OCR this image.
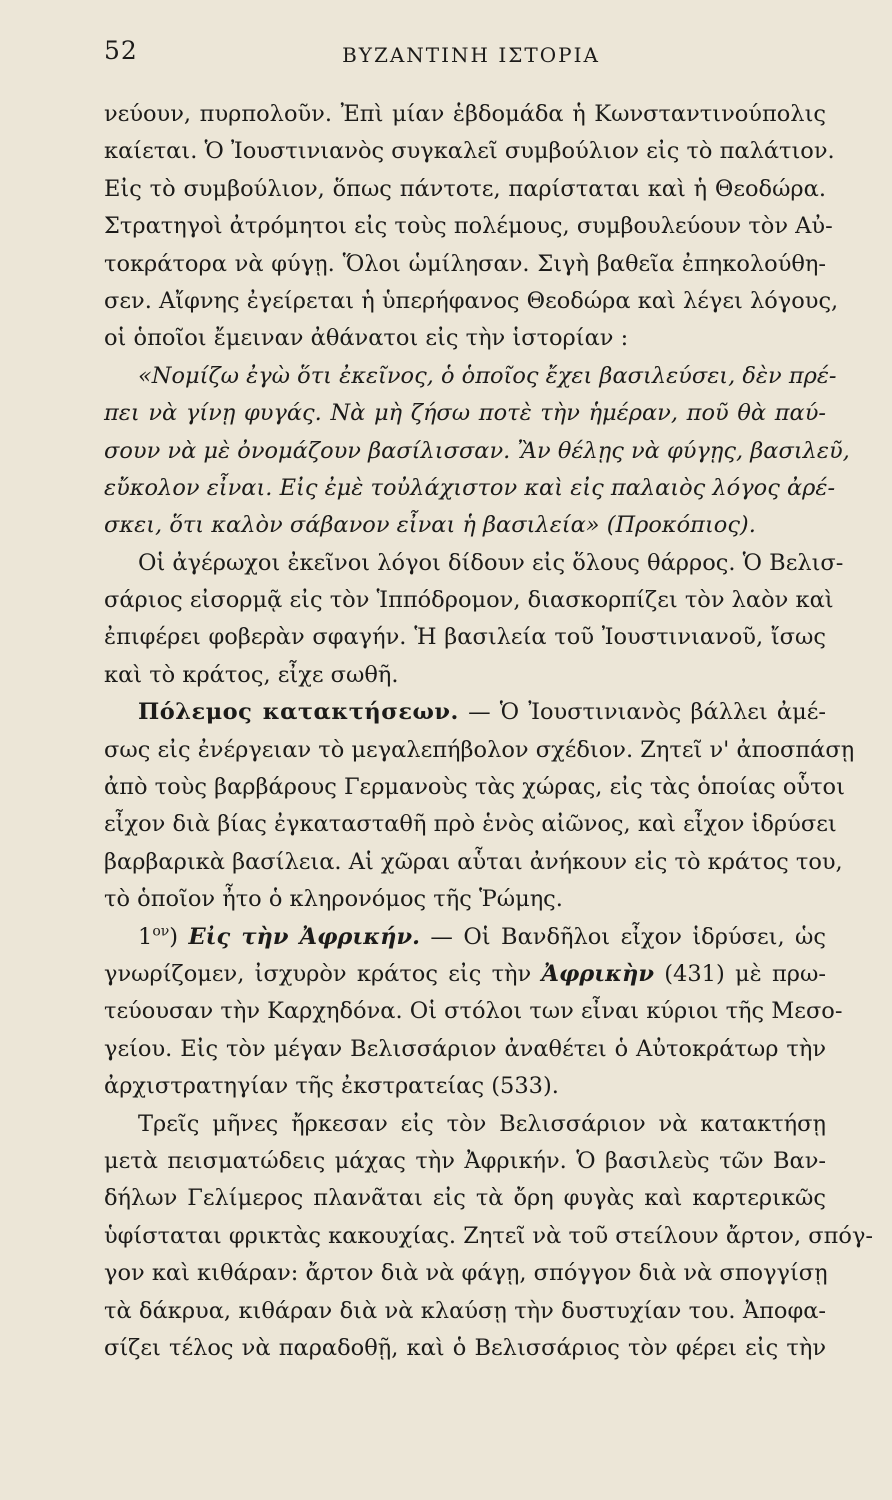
52	ΒΥΖΑΝΤΙΝΗ ΙΣΤΟΡΙΑ
νεύουν, πυρπολοῦν. Ἐπὶ μίαν ἑβδομάδα ἡ Κωνσταντινούπολις
καίεται. Ὁ Ἰουστινιανὸς συγκαλεῖ συμβούλιον εἰς τὸ παλάτιον.
Εἰς τὸ συμβούλιον, ὅπως πάντοτε, παρίσταται καὶ ἡ Θεοδώρα.
Στρατηγοὶ ἀτρόμητοι εἰς τοὺς πολέμους, συμβουλεύουν τὸν Αὐ-
τοκράτορα νὰ φύγῃ. Ὅλοι ὡμίλησαν. Σιγὴ βαθεῖα ἐπηκολούθη-
σεν. Αἴφνης ἐγείρεται ἡ ὑπερήφανος Θεοδώρα καὶ λέγει λόγους,
οἱ ὁποῖοι ἔμειναν ἀθάνατοι εἰς τὴν ἱστορίαν :
«Νομίζω ἐγὼ ὅτι ἐκεῖνος, ὁ ὁποῖος ἔχει βασιλεύσει, δὲν πρέ-
πει νὰ γίνῃ φυγάς. Νὰ μὴ ζήσω ποτὲ τὴν ἡμέραν, ποῦ θὰ παύ-
σουν νὰ μὲ ὀνομάζουν βασίλισσαν. Ἂν θέλῃς νὰ φύγῃς, βασιλεῦ,
εὔκολον εἶναι. Εἰς ἐμὲ τοὐλάχιστον καὶ εἰς παλαιὸς λόγος ἀρέ-
σκει, ὅτι καλὸν σάβανον εἶναι ἡ βασιλεία» (Προκόπιος).
Οἱ ἀγέρωχοι ἐκεῖνοι λόγοι δίδουν εἰς ὅλους θάρρος. Ὁ Βελισ-
σάριος εἰσορμᾷ εἰς τὸν Ἱππόδρομον, διασκορπίζει τὸν λαὸν καὶ
ἐπιφέρει φοβερὰν σφαγήν. Ἡ βασιλεία τοῦ Ἰουστινιανοῦ, ἴσως
καὶ τὸ κράτος, εἶχε σωθῆ.
Πόλεμος κατακτήσεων. — Ὁ Ἰουστινιανὸς βάλλει ἀμέ-
σως εἰς ἐνέργειαν τὸ μεγαλεπήβολον σχέδιον. Ζητεῖ ν' ἀποσπάσῃ
ἀπὸ τοὺς βαρβάρους Γερμανοὺς τὰς χώρας, εἰς τὰς ὁποίας οὗτοι
εἶχον διὰ βίας ἐγκατασταθῆ πρὸ ἑνὸς αἰῶνος, καὶ εἶχον ἱδρύσει
βαρβαρικὰ βασίλεια. Αἱ χῶραι αὗται ἀνήκουν εἰς τὸ κράτος του,
τὸ ὁποῖον ἦτο ὁ κληρονόμος τῆς Ῥώμης.
$1^{o\nu}$) Εἰς τὴν Ἀφρικήν. — Οἱ Βανδῆλοι εἶχον ἱδρύσει, ὡς
γνωρίζομεν, ἰσχυρὸν κράτος εἰς τὴν Ἀφρικὴν (431) μὲ πρω-
τεύουσαν τὴν Καρχηδόνα. Οἱ στόλοι των εἶναι κύριοι τῆς Μεσο-
γείου. Εἰς τὸν μέγαν Βελισσάριον ἀναθέτει ὁ Αὐτοκράτωρ τὴν
ἀρχιστρατηγίαν τῆς ἐκστρατείας (533).
Τρεῖς μῆνες ἤρκεσαν εἰς τὸν Βελισσάριον νὰ κατακτήσῃ
μετὰ πεισματώδεις μάχας τὴν Ἀφρικήν. Ὁ βασιλεὺς τῶν Βαν-
δήλων Γελίμερος πλανᾶται εἰς τὰ ὄρη φυγὰς καὶ καρτερικῶς
ὑφίσταται φρικτὰς κακουχίας. Ζητεῖ νὰ τοῦ στείλουν ἄρτον, σπόγ-
γον καὶ κιθάραν: ἄρτον διὰ νὰ φάγῃ, σπόγγον διὰ νὰ σπογγίσῃ
τὰ δάκρυα, κιθάραν διὰ νὰ κλαύσῃ τὴν δυστυχίαν του. Ἀποφα-
σίζει τέλος νὰ παραδοθῇ, καὶ ὁ Βελισσάριος τὸν φέρει εἰς τὴν
